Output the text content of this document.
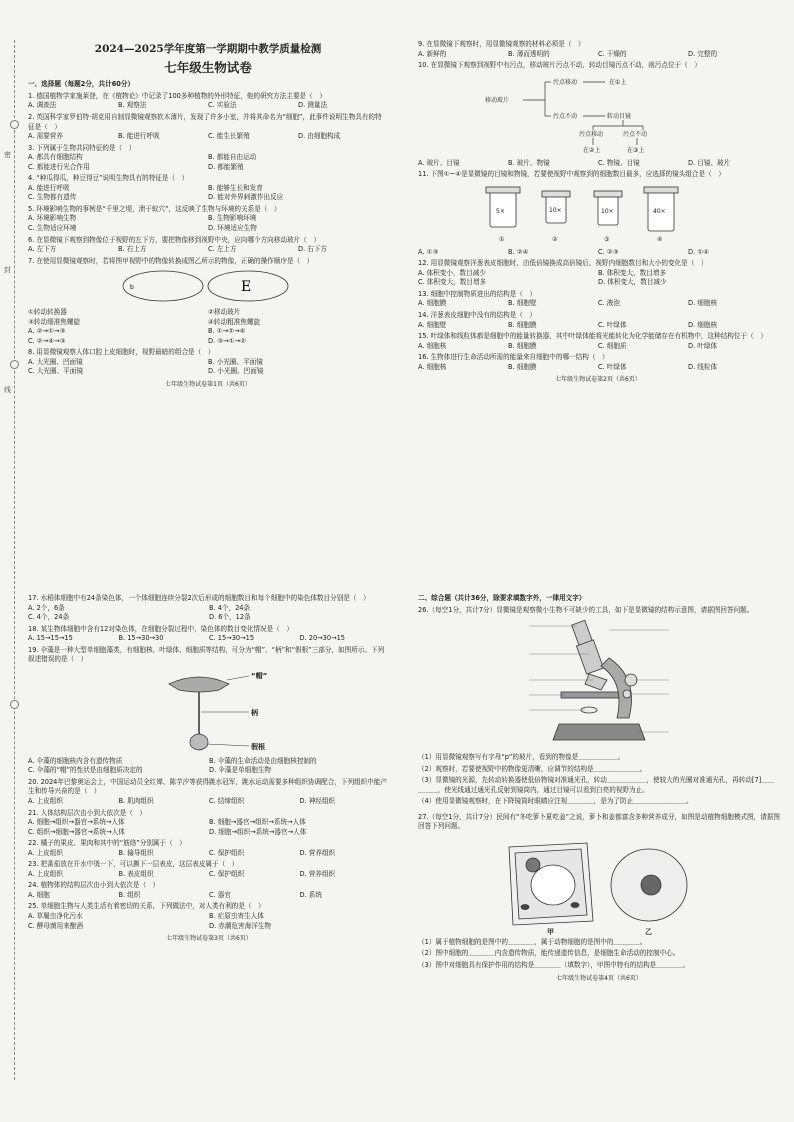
密
封
线
2024—2025学年度第一学期期中教学质量检测
七年级生物试卷
一、选择题（每题2分，共计60分）
1. 德国植物学家施莱登，在《植物论》中记录了100多种植物的外形特征，他的研究方法主要是（　）
A. 调查法	B. 观察法	C. 实验法	D. 测量法
2. 英国科学家罗伯特·胡克用自制显微镜观察软木薄片，发现了许多小室，并将其命名为“细胞”，此事件说明生物具有的特征是（　）
A. 需要营养	B. 能进行呼吸	C. 能生长繁殖	D. 由细胞构成
3. 下列属于生物共同特征的是（　）
A. 都具有细胞结构	B. 都能自由运动
C. 都能进行光合作用	D. 都能繁殖
4. “种瓜得瓜，种豆得豆”说明生物具有的特征是（　）
A. 能进行呼吸	B. 能够生长和发育
C. 生物都有遗传	D. 能对外界刺激作出反应
5. 环境影响生物的事例是“千里之堤，溃于蚁穴”，这反映了生物与环境的关系是（　）
A. 环境影响生物	B. 生物影响环境
C. 生物适应环境	D. 环境适应生物
6. 在显微镜下观察到物像位于视野的左下方，要把物像移到视野中央，应向哪个方向移动玻片（　）
A. 左下方	B. 右上方	C. 左上方	D. 右下方
7. 在使用显微镜观察时，若将图甲视野中的物像转换成图乙所示的物像，正确的操作顺序是（　）
b	E
①转动转换器	②移动玻片
③转动细准焦螺旋	④转动粗准焦螺旋
A. ②→①→③	B. ①→②→④
C. ②→④→③	D. ③→①→②
8. 用显微镜观察人体口腔上皮细胞时，视野最暗的组合是（　）
A. 大光圈、凹面镜	B. 小光圈、平面镜
C. 大光圈、平面镜	D. 小光圈、凹面镜
七年级生物试卷第1页（共6页）
9. 在显微镜下观察时，用显微镜观察的材料必须是（　）
A. 新鲜的	B. 薄而透明的	C. 干燥的	D. 完整的
10. 在显微镜下观察到视野中有污点，移动玻片污点不动，转动目镜污点不动，则污点位于（　）
移动玻片
污点移动
污点不动	转动目镜
污点移动	污点不动
在①上
在②上	在③上
A. 玻片、目镜	B. 玻片、物镜	C. 物镜、目镜	D. 目镜、玻片
11. 下图①~④是显微镜的目镜和物镜，若要使视野中观察到的细胞数目最多，应选择的镜头组合是（　）
5×	10×	10×	40×
①	②	③	④
A. ①③	B. ②④	C. ②③	D. ①④
12. 用显微镜观察洋葱表皮细胞时，由低倍镜换成高倍镜后，视野内细胞数目和大小的变化是（　）
A. 体积变小，数目减少	B. 体积变大，数目增多
C. 体积变大，数目增多	D. 体积变大，数目减少
13. 细胞中控制物质进出的结构是（　）
A. 细胞膜	B. 细胞壁	C. 液泡	D. 细胞核
14. 洋葱表皮细胞中没有的结构是（　）
A. 细胞壁	B. 细胞膜	C. 叶绿体	D. 细胞核
15. 叶绿体和线粒体都是细胞中的能量转换器，其中叶绿体能将光能转化为化学能储存在有机物中，这种结构位于（　）
A. 细胞核	B. 细胞膜	C. 细胞质	D. 叶绿体
16. 生物体进行生命活动所需的能量来自细胞中的哪一结构（　）
A. 细胞核	B. 细胞膜	C. 叶绿体	D. 线粒体
七年级生物试卷第2页（共6页）
17. 水稻体细胞中有24条染色体，一个体细胞连续分裂2次后形成的细胞数目和每个细胞中的染色体数目分别是（　）
A. 2个，6条	B. 4个，24条
C. 4个，24条	D. 6个，12条
18. 某生物体细胞中含有12对染色体，在细胞分裂过程中，染色体的数目变化情况是（　）
A. 15→15→15	B. 15→30→30	C. 15→30→15	D. 20→30→15
19. 伞藻是一种大型单细胞藻类，有细胞核、叶绿体、细胞质等结构，可分为“帽”、“柄”和“假根”三部分，如图所示。下列叙述错误的是（　）
“帽”
柄
假根
A. 伞藻的细胞核内含有遗传物质	B. 伞藻的生命活动是由细胞核控制的
C. 伞藻的“帽”的性状是由细胞质决定的	D. 伞藻是单细胞生物
20. 2024年巴黎奥运会上，中国运动员全红婵、陈芋汐等获得跳水冠军，跳水运动需要多种组织协调配合，下列组织中能产生和传导兴奋的是（　）
A. 上皮组织	B. 肌肉组织	C. 结缔组织	D. 神经组织
21. 人体结构层次由小到大依次是（　）
A. 细胞→组织→器官→系统→人体	B. 细胞→器官→组织→系统→人体
C. 组织→细胞→器官→系统→人体	D. 细胞→组织→系统→器官→人体
22. 橘子的果皮、果肉和其中的“筋络”分别属于（　）
A. 上皮组织	B. 输导组织	C. 保护组织	D. 营养组织
23. 把番茄放在开水中烫一下，可以撕下一层表皮，这层表皮属于（　）
A. 上皮组织	B. 表皮组织	C. 保护组织	D. 营养组织
24. 植物体的结构层次由小到大依次是（　）
A. 细胞	B. 组织	C. 器官	D. 系统
25. 单细胞生物与人类生活有着密切的关系，下列做法中，对人类有利的是（　）
A. 草履虫净化污水	B. 疟原虫寄生人体
C. 酵母菌用来酿酒	D. 赤潮危害海洋生物
七年级生物试卷第3页（共6页）
二、综合题（共计36分，除要求填数字外，一律用文字）
26.（每空1分，共计7分）显微镜是观察微小生物不可缺少的工具，如下是显微镜的结构示意图，请据图回答问题。
（1）用显微镜观察写有字母“p”的玻片，看到的物像是＿＿＿＿＿＿。
（2）观察时，若要使视野中的物像更清晰，应调节的结构是＿＿＿＿＿＿＿。
（3）显微镜的光源，先转动转换器使低倍物镜对准通光孔，转动＿＿＿＿＿＿，使较大的光圈对准通光孔，再转动[7]＿＿＿＿＿，使光线通过通光孔反射到镜筒内，通过目镜可以看到白亮的视野为止。
（4）使用显微镜观察时，在下降镜筒时眼睛应注视＿＿＿＿，是为了防止＿＿＿＿＿＿＿＿。
27.（每空1分，共计7分）民间有“冬吃萝卜夏吃姜”之说，萝卜和姜都富含多种营养成分，如图是动植物细胞模式图，请据图回答下列问题。
甲	乙
（1）属于植物细胞的是图中的＿＿＿＿，属于动物细胞的是图中的＿＿＿＿。
（2）图中细胞的＿＿＿＿内含遗传物质，能传递遗传信息，是细胞生命活动的控制中心。
（3）图中对细胞具有保护作用的结构是＿＿＿＿（填数字），甲图中特有的结构是＿＿＿＿。
七年级生物试卷第4页（共6页）
